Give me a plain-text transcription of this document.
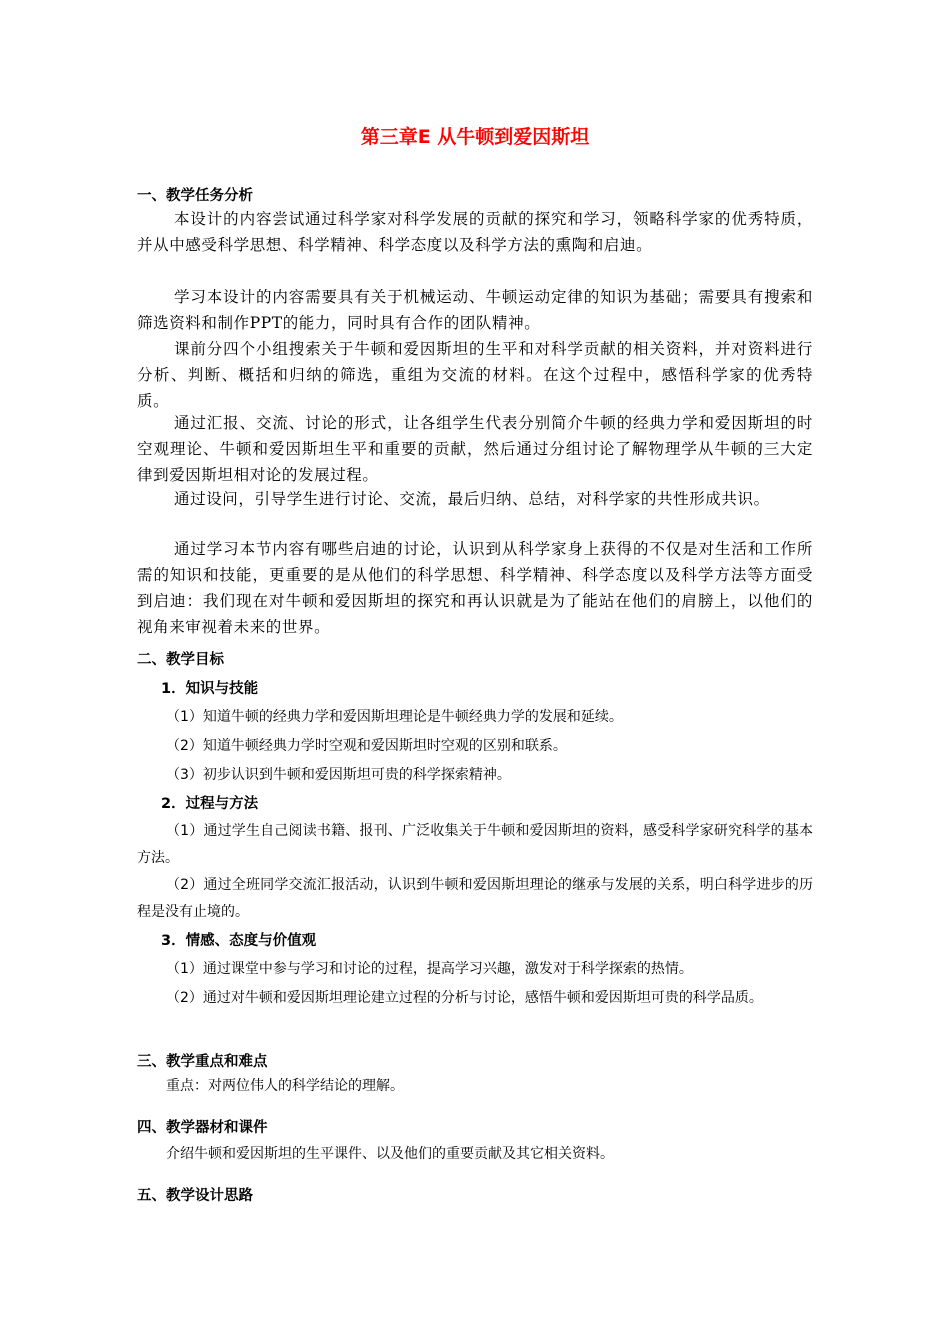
第三章E 从牛顿到爱因斯坦
一、教学任务分析
本设计的内容尝试通过科学家对科学发展的贡献的探究和学习，领略科学家的优秀特质，并从中感受科学思想、科学精神、科学态度以及科学方法的熏陶和启迪。
学习本设计的内容需要具有关于机械运动、牛顿运动定律的知识为基础；需要具有搜索和筛选资料和制作PPT的能力，同时具有合作的团队精神。
课前分四个小组搜索关于牛顿和爱因斯坦的生平和对科学贡献的相关资料，并对资料进行分析、判断、概括和归纳的筛选，重组为交流的材料。在这个过程中，感悟科学家的优秀特质。
通过汇报、交流、讨论的形式，让各组学生代表分别简介牛顿的经典力学和爱因斯坦的时空观理论、牛顿和爱因斯坦生平和重要的贡献，然后通过分组讨论了解物理学从牛顿的三大定律到爱因斯坦相对论的发展过程。
通过设问，引导学生进行讨论、交流，最后归纳、总结，对科学家的共性形成共识。
通过学习本节内容有哪些启迪的讨论，认识到从科学家身上获得的不仅是对生活和工作所需的知识和技能，更重要的是从他们的科学思想、科学精神、科学态度以及科学方法等方面受到启迪：我们现在对牛顿和爱因斯坦的探究和再认识就是为了能站在他们的肩膀上，以他们的视角来审视着未来的世界。
二、教学目标
1．知识与技能
（1）知道牛顿的经典力学和爱因斯坦理论是牛顿经典力学的发展和延续。
（2）知道牛顿经典力学时空观和爱因斯坦时空观的区别和联系。
（3）初步认识到牛顿和爱因斯坦可贵的科学探索精神。
2．过程与方法
（1）通过学生自己阅读书籍、报刊、广泛收集关于牛顿和爱因斯坦的资料，感受科学家研究科学的基本方法。
（2）通过全班同学交流汇报活动，认识到牛顿和爱因斯坦理论的继承与发展的关系，明白科学进步的历程是没有止境的。
3．情感、态度与价值观
（1）通过课堂中参与学习和讨论的过程，提高学习兴趣，激发对于科学探索的热情。
（2）通过对牛顿和爱因斯坦理论建立过程的分析与讨论，感悟牛顿和爱因斯坦可贵的科学品质。
三、教学重点和难点
重点：对两位伟人的科学结论的理解。
四、教学器材和课件
介绍牛顿和爱因斯坦的生平课件、以及他们的重要贡献及其它相关资料。
五、教学设计思路
